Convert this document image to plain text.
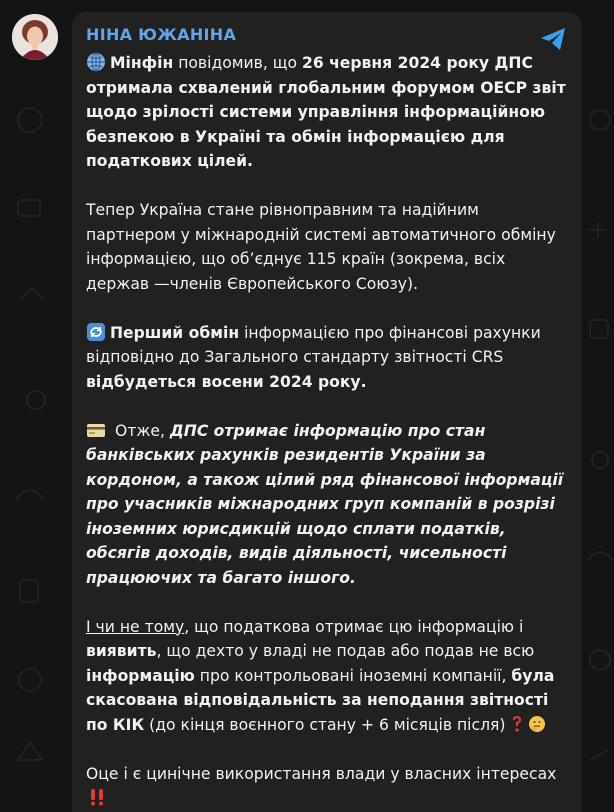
НІНА ЮЖАНІНА

Мінфін повідомив, що 26 червня 2024 року ДПС отримала схвалений глобальним форумом ОЕСР звіт щодо зрілості системи управління інформаційною безпекою в Україні та обмін інформацією для податкових цілей.

Тепер Україна стане рівноправним та надійним партнером у міжнародній системі автоматичного обміну інформацією, що об’єднує 115 країн (зокрема, всіх держав —членів Європейського Союзу).

Перший обмін інформацією про фінансові рахунки відповідно до Загального стандарту звітності CRS відбудеться восени 2024 року.

Отже, ДПС отримає інформацію про стан банківських рахунків резидентів України за кордоном, а також цілий ряд фінансової інформації про учасників міжнародних груп компаній в розрізі іноземних юрисдикцій щодо сплати податків, обсягів доходів, видів діяльності, чисельності працюючих та багато іншого.

І чи не тому, що податкова отримає цю інформацію і виявить, що дехто у владі не подав або подав не всю інформацію про контрольовані іноземні компанії, була скасована відповідальність за неподання звітності по КІК (до кінця воєнного стану + 6 місяців після)

Оце і є цинічне використання влади у власних інтересах
